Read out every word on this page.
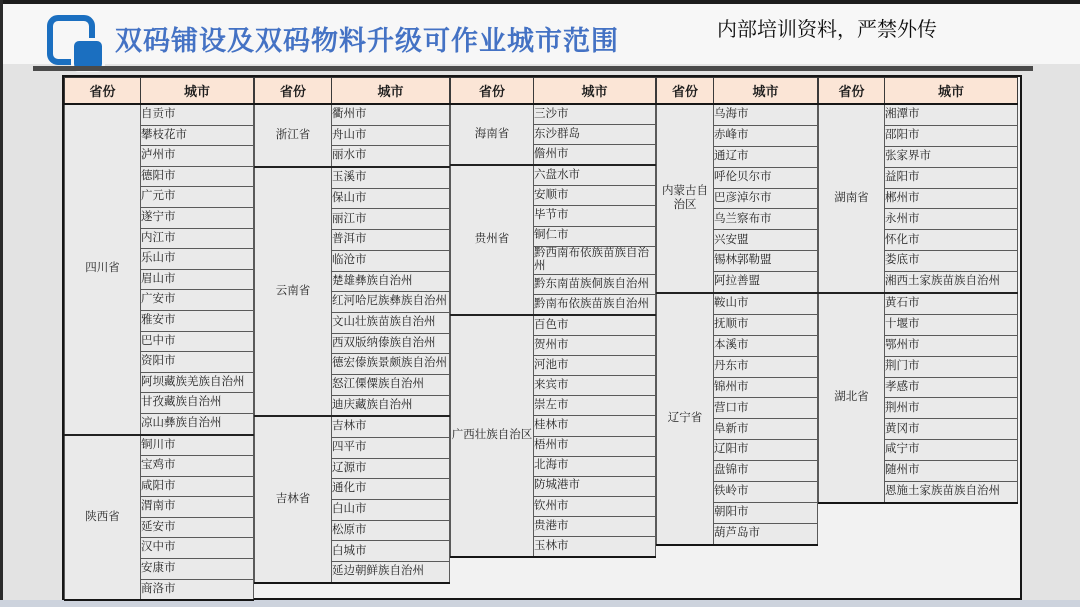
双码铺设及双码物料升级可作业城市范围	内部培训资料，严禁外传
省份	城市
四川省	自贡市
	攀枝花市
	泸州市
	德阳市
	广元市
	遂宁市
	内江市
	乐山市
	眉山市
	广安市
	雅安市
	巴中市
	资阳市
	阿坝藏族羌族自治州
	甘孜藏族自治州
	凉山彝族自治州
陕西省	铜川市
	宝鸡市
	咸阳市
	渭南市
	延安市
	汉中市
	安康市
	商洛市
省份	城市
浙江省	衢州市
	舟山市
	丽水市
云南省	玉溪市
	保山市
	丽江市
	普洱市
	临沧市
	楚雄彝族自治州
	红河哈尼族彝族自治州
	文山壮族苗族自治州
	西双版纳傣族自治州
	德宏傣族景颇族自治州
	怒江傈僳族自治州
	迪庆藏族自治州
吉林省	吉林市
	四平市
	辽源市
	通化市
	白山市
	松原市
	白城市
	延边朝鲜族自治州
省份	城市
海南省	三沙市
	东沙群岛
	儋州市
贵州省	六盘水市
	安顺市
	毕节市
	铜仁市
	黔西南布依族苗族自治州
	黔东南苗族侗族自治州
	黔南布依族苗族自治州
广西壮族自治区	百色市
	贺州市
	河池市
	来宾市
	崇左市
	桂林市
	梧州市
	北海市
	防城港市
	钦州市
	贵港市
	玉林市
省份	城市
内蒙古自治区	乌海市
	赤峰市
	通辽市
	呼伦贝尔市
	巴彦淖尔市
	乌兰察布市
	兴安盟
	锡林郭勒盟
	阿拉善盟
辽宁省	鞍山市
	抚顺市
	本溪市
	丹东市
	锦州市
	营口市
	阜新市
	辽阳市
	盘锦市
	铁岭市
	朝阳市
	葫芦岛市
省份	城市
湖南省	湘潭市
	邵阳市
	张家界市
	益阳市
	郴州市
	永州市
	怀化市
	娄底市
	湘西土家族苗族自治州
湖北省	黄石市
	十堰市
	鄂州市
	荆门市
	孝感市
	荆州市
	黄冈市
	咸宁市
	随州市
	恩施土家族苗族自治州
